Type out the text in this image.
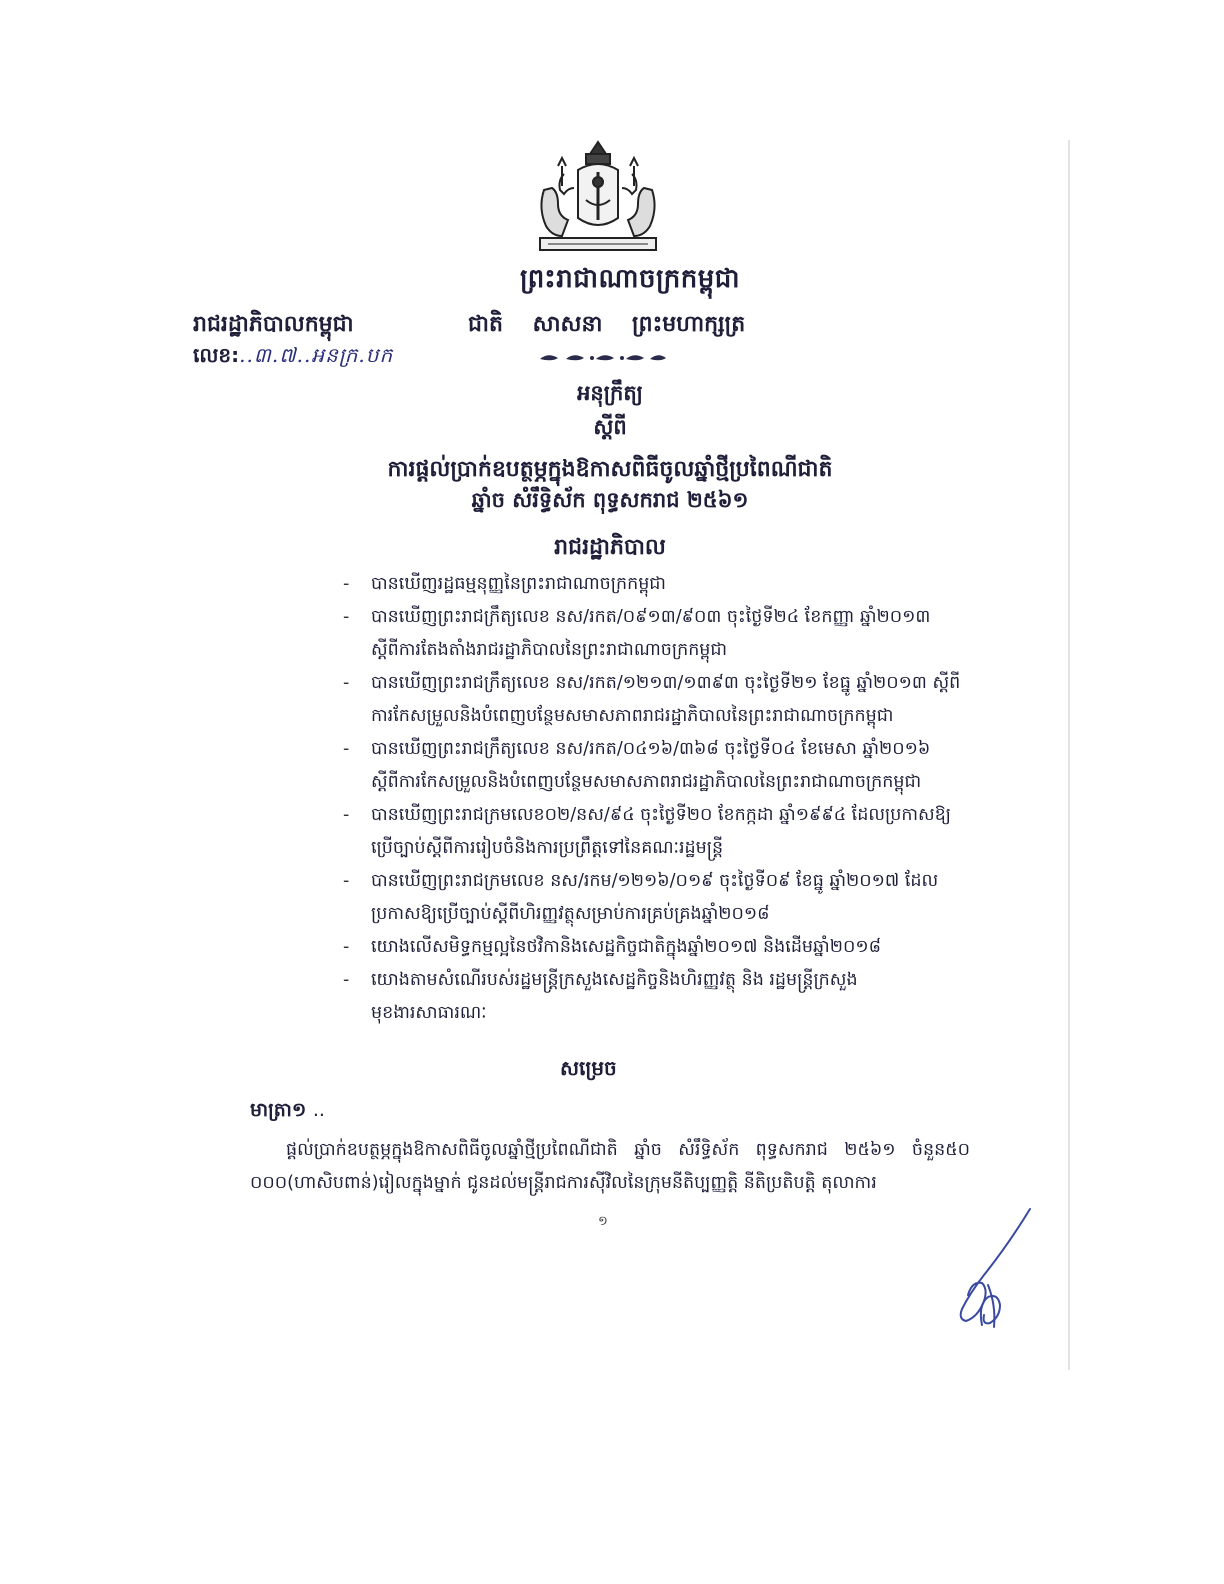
ព្រះរាជាណាចក្រកម្ពុជា
ជាតិ សាសនា ព្រះមហាក្សត្រ
រាជរដ្ឋាភិបាលកម្ពុជា
លេខ:..៣.៧..អនក្រ.បក
អនុក្រឹត្យ
ស្ដីពី
ការផ្ដល់ប្រាក់ឧបត្ថម្ភក្នុងឱកាសពិធីចូលឆ្នាំថ្មីប្រពៃណីជាតិ
ឆ្នាំច សំរឹទ្ធិស័ក ពុទ្ធសករាជ ២៥៦១
រាជរដ្ឋាភិបាល
- បានឃើញរដ្ឋធម្មនុញ្ញនៃព្រះរាជាណាចក្រកម្ពុជា
- បានឃើញព្រះរាជក្រឹត្យលេខ នស/រកត/០៩១៣/៩០៣ ចុះថ្ងៃទី២៤ ខែកញ្ញា ឆ្នាំ២០១៣ ស្ដីពីការតែងតាំងរាជរដ្ឋាភិបាលនៃព្រះរាជាណាចក្រកម្ពុជា
- បានឃើញព្រះរាជក្រឹត្យលេខ នស/រកត/១២១៣/១៣៩៣ ចុះថ្ងៃទី២១ ខែធ្នូ ឆ្នាំ២០១៣ ស្ដីពីការកែសម្រួលនិងបំពេញបន្ថែមសមាសភាពរាជរដ្ឋាភិបាលនៃព្រះរាជាណាចក្រកម្ពុជា
- បានឃើញព្រះរាជក្រឹត្យលេខ នស/រកត/០៤១៦/៣៦៨ ចុះថ្ងៃទី០៤ ខែមេសា ឆ្នាំ២០១៦ ស្ដីពីការកែសម្រួលនិងបំពេញបន្ថែមសមាសភាពរាជរដ្ឋាភិបាលនៃព្រះរាជាណាចក្រកម្ពុជា
- បានឃើញព្រះរាជក្រមលេខ០២/នស/៩៤ ចុះថ្ងៃទី២០ ខែកក្កដា ឆ្នាំ១៩៩៤ ដែលប្រកាសឱ្យប្រើច្បាប់ស្ដីពីការរៀបចំនិងការប្រព្រឹត្តទៅនៃគណៈរដ្ឋមន្ត្រី
- បានឃើញព្រះរាជក្រមលេខ នស/រកម/១២១៦/០១៩ ចុះថ្ងៃទី០៩ ខែធ្នូ ឆ្នាំ២០១៧ ដែលប្រកាសឱ្យប្រើច្បាប់ស្ដីពីហិរញ្ញវត្ថុសម្រាប់ការគ្រប់គ្រងឆ្នាំ២០១៨
- យោងលើសមិទ្ធកម្មល្អនៃថវិកានិងសេដ្ឋកិច្ចជាតិក្នុងឆ្នាំ២០១៧ និងដើមឆ្នាំ២០១៨
- យោងតាមសំណើរបស់រដ្ឋមន្ត្រីក្រសួងសេដ្ឋកិច្ចនិងហិរញ្ញវត្ថុ និង រដ្ឋមន្ត្រីក្រសួងមុខងារសាធារណៈ
សម្រេច
មាត្រា១ ..
ផ្ដល់ប្រាក់ឧបត្ថម្ភក្នុងឱកាសពិធីចូលឆ្នាំថ្មីប្រពៃណីជាតិ ឆ្នាំច សំរឹទ្ធិស័ក ពុទ្ធសករាជ ២៥៦១ ចំនួន៥០ ០០០(ហាសិបពាន់)រៀលក្នុងម្នាក់ ជូនដល់មន្ត្រីរាជការស៊ីវិលនៃក្រុមនីតិប្បញ្ញត្តិ នីតិប្រតិបត្តិ តុលាការ
១
